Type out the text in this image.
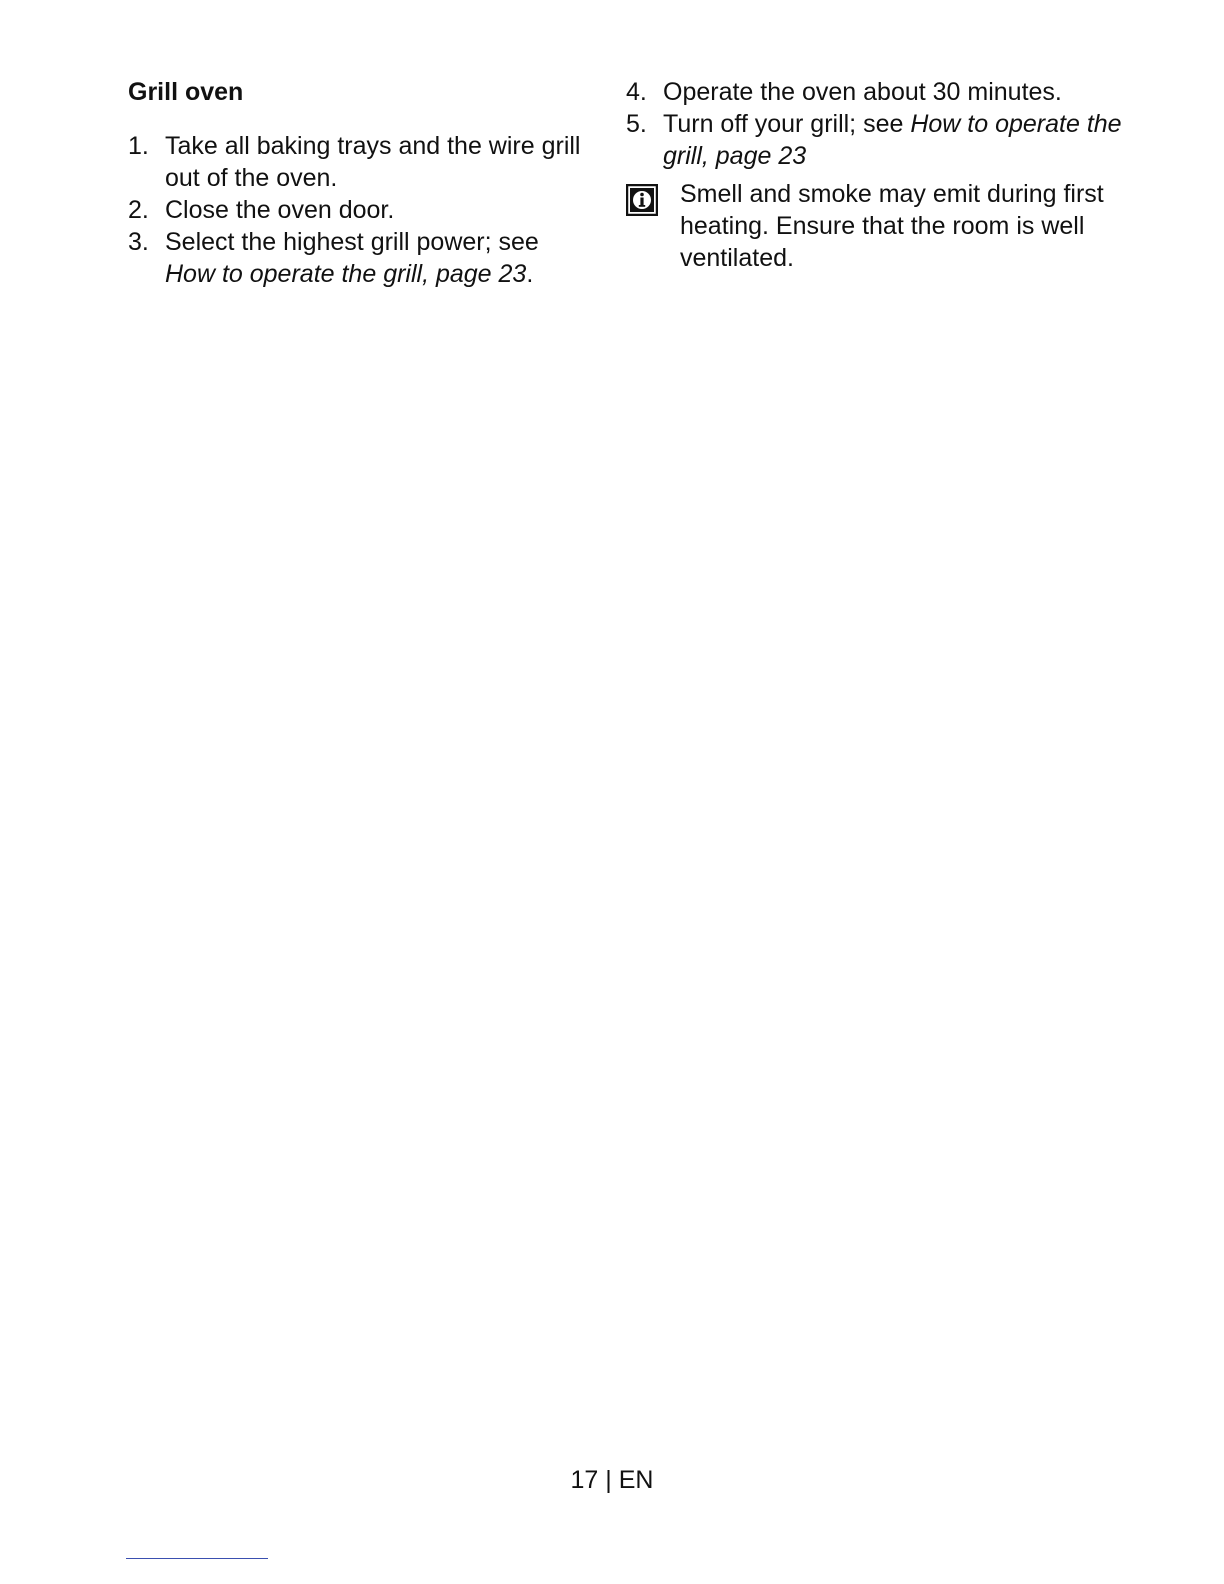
Grill oven
1. Take all baking trays and the wire grill out of the oven.
2. Close the oven door.
3. Select the highest grill power; see
How to operate the grill, page 23.
4. Operate the oven about 30 minutes.
5. Turn off your grill; see How to operate the grill, page 23
Smell and smoke may emit during first heating. Ensure that the room is well ventilated.
17 | EN
